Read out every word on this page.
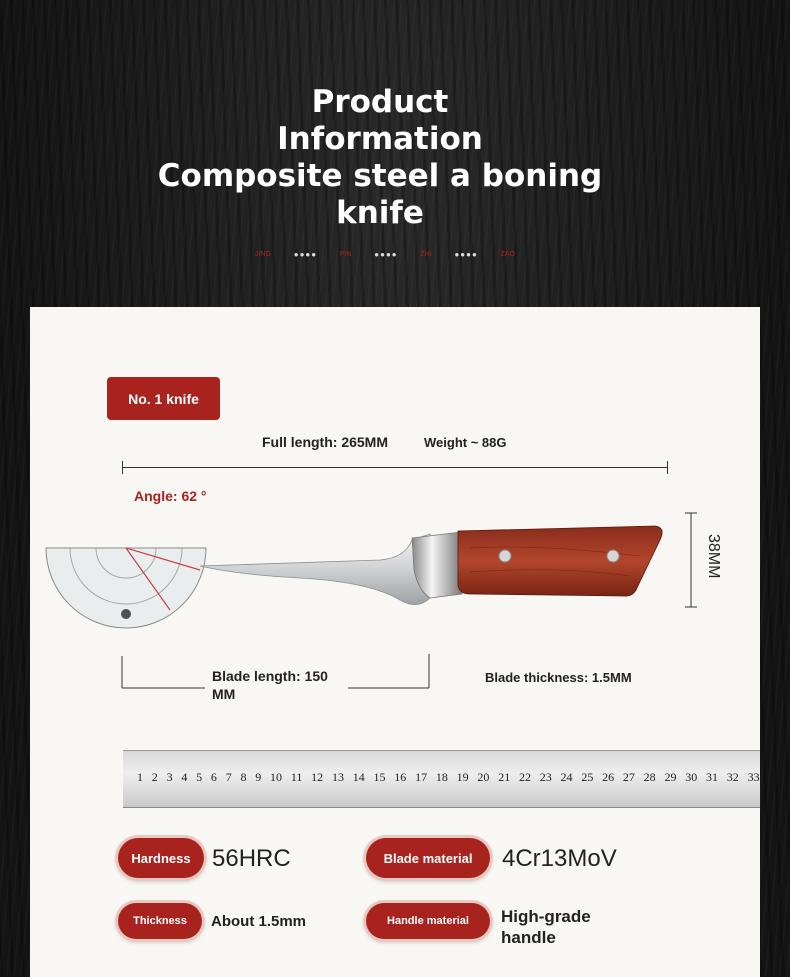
Product
Information
Composite steel a boning
knife
JING	●●●●	PIN	●●●●	ZHI	●●●●	ZAO
No. 1 knife
Full length: 265MM	Weight ~ 88G
Angle: 62 °
38MM
Blade length: 150
MM
Blade thickness: 1.5MM
1 2 3 4 5 6 7 8 9 10 11 12 13 14 15 16 17 18 19 20 21 22 23 24 25 26 27 28 29 30 31 32 33
Hardness 56HRC	Blade material	4Cr13MoV
Thickness	About 1.5mm	Handle material	High-grade
handle
